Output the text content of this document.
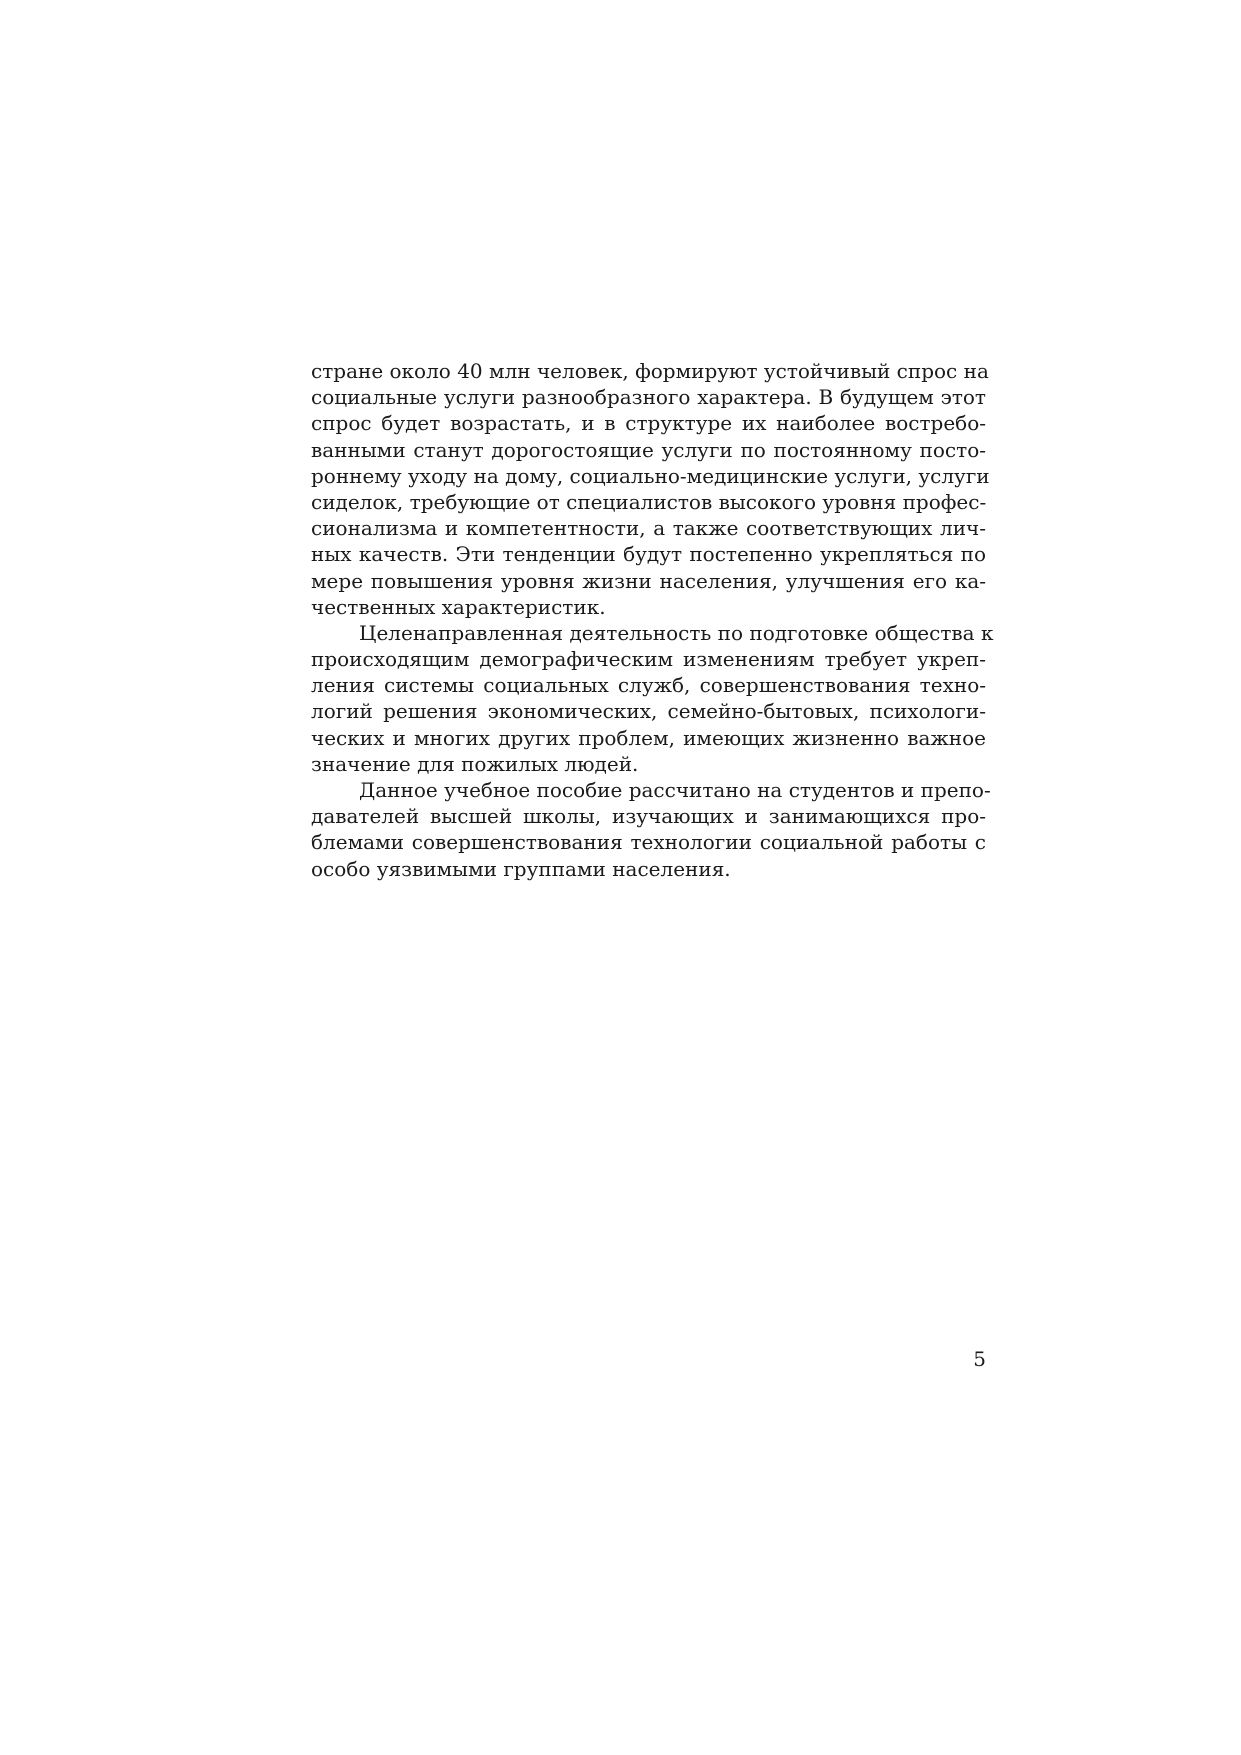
стране около 40 млн человек, формируют устойчивый спрос на
социальные услуги разнообразного характера. В будущем этот
спрос будет возрастать, и в структуре их наиболее востребо-
ванными станут дорогостоящие услуги по постоянному посто-
роннему уходу на дому, социально-медицинские услуги, услуги
сиделок, требующие от специалистов высокого уровня профес-
сионализма и компетентности, а также соответствующих лич-
ных качеств. Эти тенденции будут постепенно укрепляться по
мере повышения уровня жизни населения, улучшения его ка-
чественных характеристик.

Целенаправленная деятельность по подготовке общества к
происходящим демографическим изменениям требует укреп-
ления системы социальных служб, совершенствования техно-
логий решения экономических, семейно-бытовых, психологи-
ческих и многих других проблем, имеющих жизненно важное
значение для пожилых людей.

Данное учебное пособие рассчитано на студентов и препо-
давателей высшей школы, изучающих и занимающихся про-
блемами совершенствования технологии социальной работы с
особо уязвимыми группами населения.

5
